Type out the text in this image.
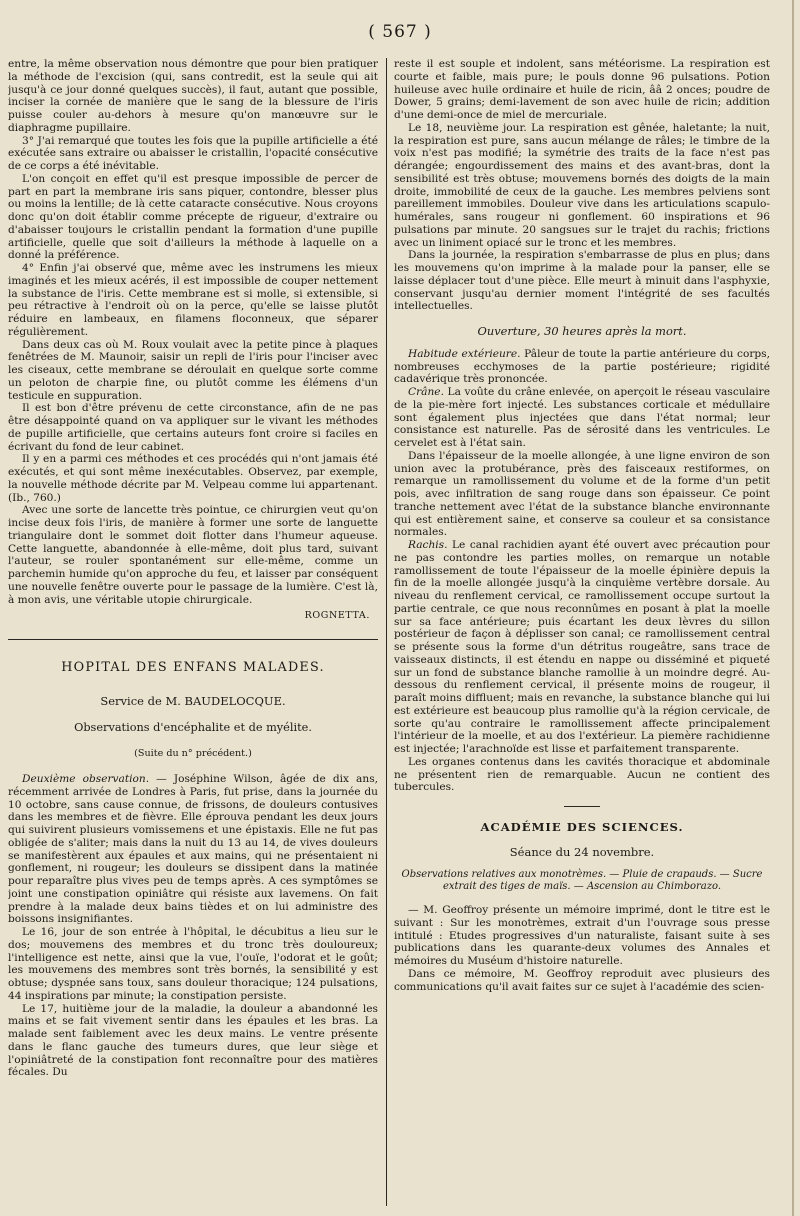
( 567 )

entre, la même observation nous démontre que pour bien pratiquer la méthode de l'excision (qui, sans contredit, est la seule qui ait jusqu'à ce jour donné quelques succès), il faut, autant que possible, inciser la cornée de manière que le sang de la blessure de l'iris puisse couler au-dehors à mesure qu'on manœuvre sur le diaphragme pupillaire.

3° J'ai remarqué que toutes les fois que la pupille artificielle a été exécutée sans extraire ou abaisser le cristallin, l'opacité consécutive de ce corps a été inévitable.

L'on conçoit en effet qu'il est presque impossible de percer de part en part la membrane iris sans piquer, contondre, blesser plus ou moins la lentille; de là cette cataracte consécutive. Nous croyons donc qu'on doit établir comme précepte de rigueur, d'extraire ou d'abaisser toujours le cristallin pendant la formation d'une pupille artificielle, quelle que soit d'ailleurs la méthode à laquelle on a donné la préférence.

4° Enfin j'ai observé que, même avec les instrumens les mieux imaginés et les mieux acérés, il est impossible de couper nettement la substance de l'iris. Cette membrane est si molle, si extensible, si peu rétractive à l'endroit où on la perce, qu'elle se laisse plutôt réduire en lambeaux, en filamens floconneux, que séparer régulièrement.

Dans deux cas où M. Roux voulait avec la petite pince à plaques fenêtrées de M. Maunoir, saisir un repli de l'iris pour l'inciser avec les ciseaux, cette membrane se déroulait en quelque sorte comme un peloton de charpie fine, ou plutôt comme les élémens d'un testicule en suppuration.

Il est bon d'être prévenu de cette circonstance, afin de ne pas être désappointé quand on va appliquer sur le vivant les méthodes de pupille artificielle, que certains auteurs font croire si faciles en écrivant du fond de leur cabinet.

Il y en a parmi ces méthodes et ces procédés qui n'ont jamais été exécutés, et qui sont même inexécutables. Observez, par exemple, la nouvelle méthode décrite par M. Velpeau comme lui appartenant. (Ib., 760.)

Avec une sorte de lancette très pointue, ce chirurgien veut qu'on incise deux fois l'iris, de manière à former une sorte de languette triangulaire dont le sommet doit flotter dans l'humeur aqueuse. Cette languette, abandonnée à elle-même, doit plus tard, suivant l'auteur, se rouler spontanément sur elle-même, comme un parchemin humide qu'on approche du feu, et laisser par conséquent une nouvelle fenêtre ouverte pour le passage de la lumière. C'est là, à mon avis, une véritable utopie chirurgicale.

ROGNETTA.

HOPITAL DES ENFANS MALADES.

Service de M. BAUDELOCQUE.

Observations d'encéphalite et de myélite.

(Suite du n° précédent.)

Deuxième observation. — Joséphine Wilson, âgée de dix ans, récemment arrivée de Londres à Paris, fut prise, dans la journée du 10 octobre, sans cause connue, de frissons, de douleurs contusives dans les membres et de fièvre. Elle éprouva pendant les deux jours qui suivirent plusieurs vomissemens et une épistaxis. Elle ne fut pas obligée de s'aliter; mais dans la nuit du 13 au 14, de vives douleurs se manifestèrent aux épaules et aux mains, qui ne présentaient ni gonflement, ni rougeur; les douleurs se dissipent dans la matinée pour reparaître plus vives peu de temps après. A ces symptômes se joint une constipation opiniâtre qui résiste aux lavemens. On fait prendre à la malade deux bains tièdes et on lui administre des boissons insignifiantes.

Le 16, jour de son entrée à l'hôpital, le décubitus a lieu sur le dos; mouvemens des membres et du tronc très douloureux; l'intelligence est nette, ainsi que la vue, l'ouïe, l'odorat et le goût; les mouvemens des membres sont très bornés, la sensibilité y est obtuse; dyspnée sans toux, sans douleur thoracique; 124 pulsations, 44 inspirations par minute; la constipation persiste.

Le 17, huitième jour de la maladie, la douleur a abandonné les mains et se fait vivement sentir dans les épaules et les bras. La malade sent faiblement avec les deux mains. Le ventre présente dans le flanc gauche des tumeurs dures, que leur siège et l'opiniâtreté de la constipation font reconnaître pour des matières fécales. Du

reste il est souple et indolent, sans météorisme. La respiration est courte et faible, mais pure; le pouls donne 96 pulsations. Potion huileuse avec huile ordinaire et huile de ricin, ââ 2 onces; poudre de Dower, 5 grains; demi-lavement de son avec huile de ricin; addition d'une demi-once de miel de mercuriale.

Le 18, neuvième jour. La respiration est gênée, haletante; la nuit, la respiration est pure, sans aucun mélange de râles; le timbre de la voix n'est pas modifié; la symétrie des traits de la face n'est pas dérangée; engourdissement des mains et des avant-bras, dont la sensibilité est très obtuse; mouvemens bornés des doigts de la main droite, immobilité de ceux de la gauche. Les membres pelviens sont pareillement immobiles. Douleur vive dans les articulations scapulo-humérales, sans rougeur ni gonflement. 60 inspirations et 96 pulsations par minute. 20 sangsues sur le trajet du rachis; frictions avec un liniment opiacé sur le tronc et les membres.

Dans la journée, la respiration s'embarrasse de plus en plus; dans les mouvemens qu'on imprime à la malade pour la panser, elle se laisse déplacer tout d'une pièce. Elle meurt à minuit dans l'asphyxie, conservant jusqu'au dernier moment l'intégrité de ses facultés intellectuelles.

Ouverture, 30 heures après la mort.

Habitude extérieure. Pâleur de toute la partie antérieure du corps, nombreuses ecchymoses de la partie postérieure; rigidité cadavérique très prononcée.

Crâne. La voûte du crâne enlevée, on aperçoit le réseau vasculaire de la pie-mère fort injecté. Les substances corticale et médullaire sont également plus injectées que dans l'état normal; leur consistance est naturelle. Pas de sérosité dans les ventricules. Le cervelet est à l'état sain.

Dans l'épaisseur de la moelle allongée, à une ligne environ de son union avec la protubérance, près des faisceaux restiformes, on remarque un ramollissement du volume et de la forme d'un petit pois, avec infiltration de sang rouge dans son épaisseur. Ce point tranche nettement avec l'état de la substance blanche environnante qui est entièrement saine, et conserve sa couleur et sa consistance normales.

Rachis. Le canal rachidien ayant été ouvert avec précaution pour ne pas contondre les parties molles, on remarque un notable ramollissement de toute l'épaisseur de la moelle épinière depuis la fin de la moelle allongée jusqu'à la cinquième vertèbre dorsale. Au niveau du renflement cervical, ce ramollissement occupe surtout la partie centrale, ce que nous reconnûmes en posant à plat la moelle sur sa face antérieure; puis écartant les deux lèvres du sillon postérieur de façon à déplisser son canal; ce ramollissement central se présente sous la forme d'un détritus rougeâtre, sans trace de vaisseaux distincts, il est étendu en nappe ou disséminé et piqueté sur un fond de substance blanche ramollie à un moindre degré. Au-dessous du renflement cervical, il présente moins de rougeur, il paraît moins diffluent; mais en revanche, la substance blanche qui lui est extérieure est beaucoup plus ramollie qu'à la région cervicale, de sorte qu'au contraire le ramollissement affecte principalement l'intérieur de la moelle, et au dos l'extérieur. La piemère rachidienne est injectée; l'arachnoïde est lisse et parfaitement transparente.

Les organes contenus dans les cavités thoracique et abdominale ne présentent rien de remarquable. Aucun ne contient des tubercules.

ACADÉMIE DES SCIENCES.

Séance du 24 novembre.

Observations relatives aux monotrèmes. — Pluie de crapauds. — Sucre extrait des tiges de maïs. — Ascension au Chimborazo.

— M. Geoffroy présente un mémoire imprimé, dont le titre est le suivant : Sur les monotrèmes, extrait d'un l'ouvrage sous presse intitulé : Etudes progressives d'un naturaliste, faisant suite à ses publications dans les quarante-deux volumes des Annales et mémoires du Muséum d'histoire naturelle.

Dans ce mémoire, M. Geoffroy reproduit avec plusieurs des communications qu'il avait faites sur ce sujet à l'académie des scien-
